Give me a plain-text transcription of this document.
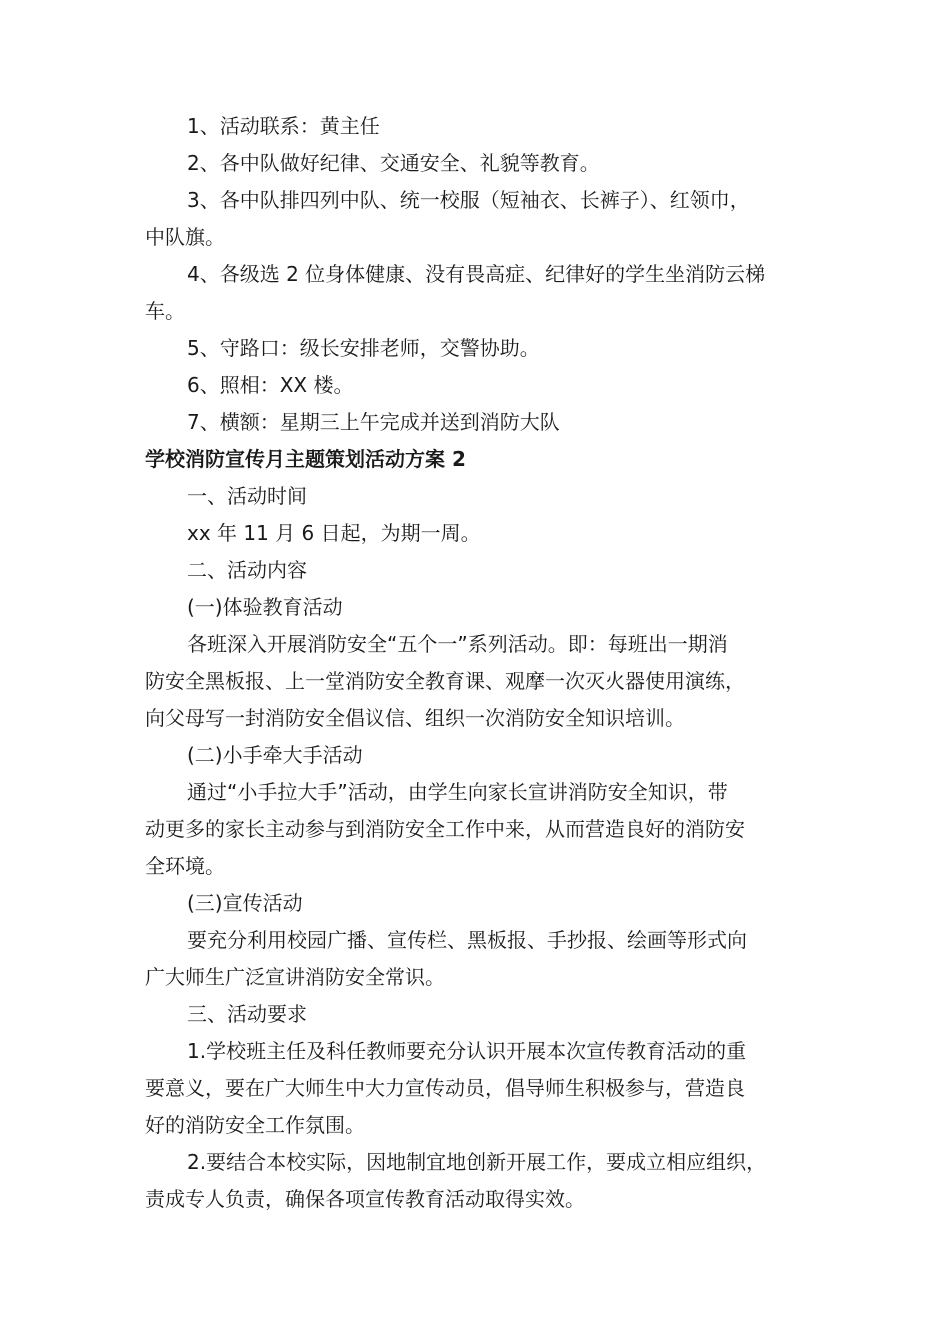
1、活动联系：黄主任
2、各中队做好纪律、交通安全、礼貌等教育。
3、各中队排四列中队、统一校服（短袖衣、长裤子）、红领巾，
中队旗。
4、各级选 2 位身体健康、没有畏高症、纪律好的学生坐消防云梯
车。
5、守路口：级长安排老师，交警协助。
6、照相：XX 楼。
7、横额：星期三上午完成并送到消防大队
学校消防宣传月主题策划活动方案 2
一、活动时间
xx 年 11 月 6 日起，为期一周。
二、活动内容
(一)体验教育活动
各班深入开展消防安全“五个一”系列活动。即：每班出一期消
防安全黑板报、上一堂消防安全教育课、观摩一次灭火器使用演练，
向父母写一封消防安全倡议信、组织一次消防安全知识培训。
(二)小手牵大手活动
通过“小手拉大手”活动，由学生向家长宣讲消防安全知识，带
动更多的家长主动参与到消防安全工作中来，从而营造良好的消防安
全环境。
(三)宣传活动
要充分利用校园广播、宣传栏、黑板报、手抄报、绘画等形式向
广大师生广泛宣讲消防安全常识。
三、活动要求
1.学校班主任及科任教师要充分认识开展本次宣传教育活动的重
要意义，要在广大师生中大力宣传动员，倡导师生积极参与，营造良
好的消防安全工作氛围。
2.要结合本校实际，因地制宜地创新开展工作，要成立相应组织，
责成专人负责，确保各项宣传教育活动取得实效。
